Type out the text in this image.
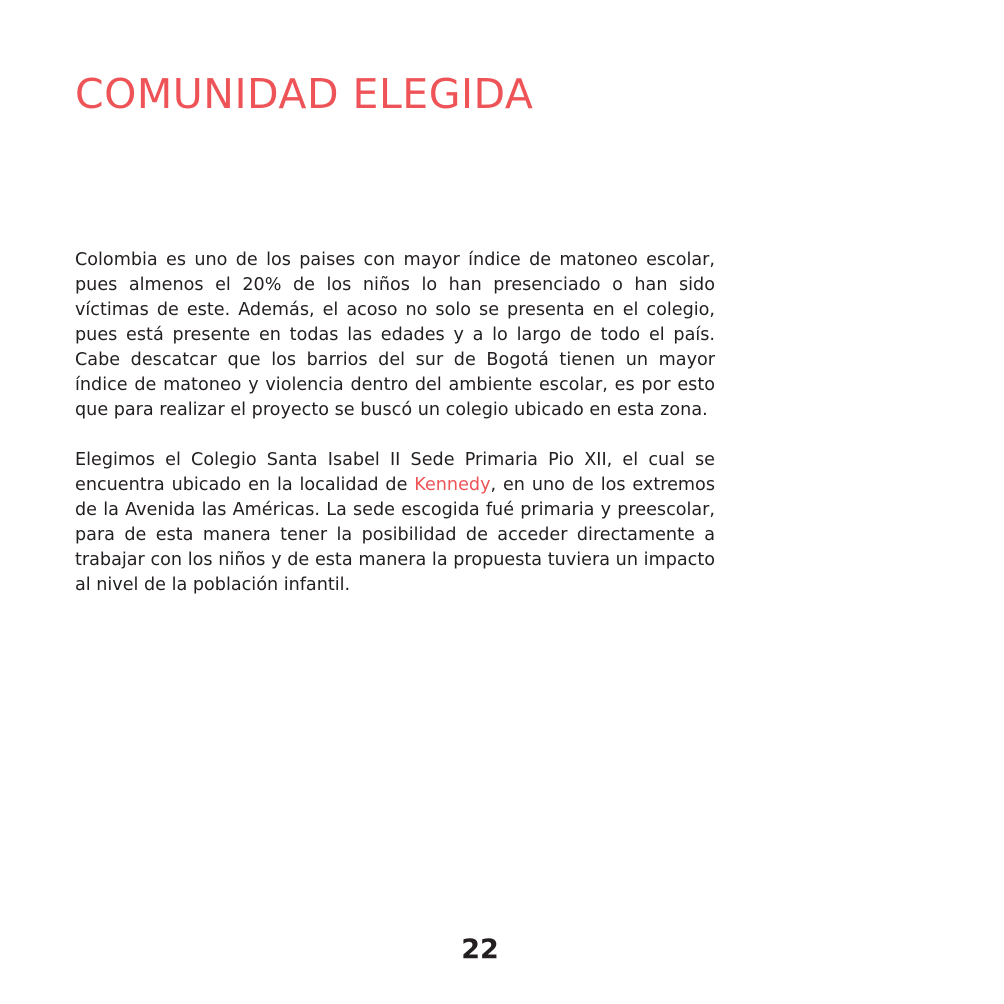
COMUNIDAD ELEGIDA

Colombia es uno de los paises con mayor índice de matoneo escolar, pues almenos el 20% de los niños lo han presenciado o han sido víctimas de este. Además, el acoso no solo se presenta en el colegio, pues está presente en todas las edades y a lo largo de todo el país. Cabe descatcar que los barrios del sur de Bogotá tienen un mayor índice de matoneo y violencia dentro del ambiente escolar, es por esto que para realizar el proyecto se buscó un colegio ubicado en esta zona.

Elegimos el Colegio Santa Isabel II Sede Primaria Pio XII, el cual se encuentra ubicado en la localidad de Kennedy, en uno de los extremos de la Avenida las Américas. La sede escogida fué primaria y preescolar, para de esta manera tener la posibilidad de acceder directamente a trabajar con los niños y de esta manera la propuesta tuviera un impacto al nivel de la población infantil.

22
